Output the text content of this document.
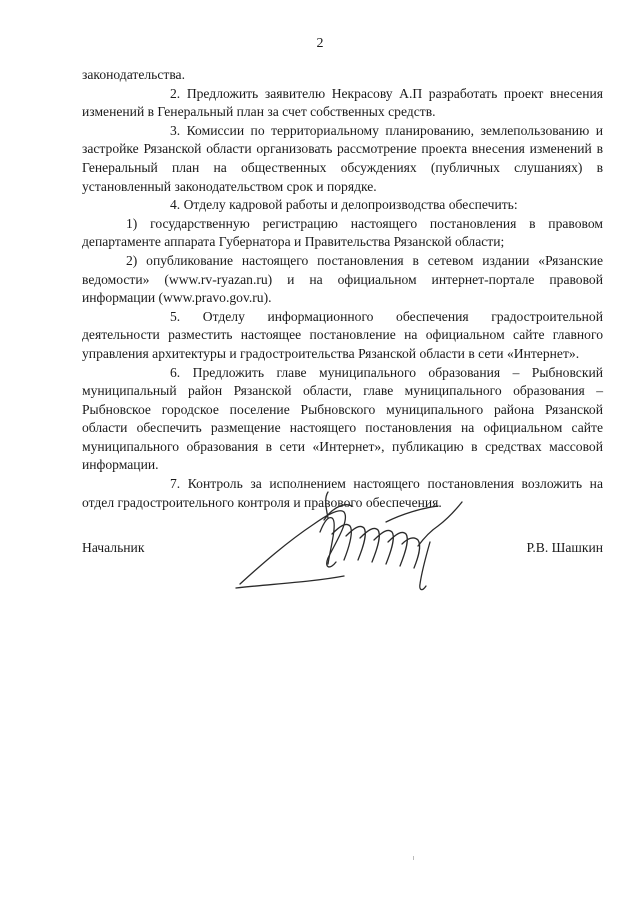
2

законодательства.

2. Предложить заявителю Некрасову А.П разработать проект внесения изменений в Генеральный план за счет собственных средств.

3. Комиссии по территориальному планированию, землепользованию и застройке Рязанской области организовать рассмотрение проекта внесения изменений в Генеральный план на общественных обсуждениях (публичных слушаниях) в установленный законодательством срок и порядке.

4. Отделу кадровой работы и делопроизводства обеспечить:

1) государственную регистрацию настоящего постановления в правовом департаменте аппарата Губернатора и Правительства Рязанской области;

2) опубликование настоящего постановления в сетевом издании «Рязанские ведомости» (www.rv-ryazan.ru) и на официальном интернет-портале правовой информации (www.pravo.gov.ru).

5. Отделу информационного обеспечения градостроительной деятельности разместить настоящее постановление на официальном сайте главного управления архитектуры и градостроительства Рязанской области в сети «Интернет».

6. Предложить главе муниципального образования – Рыбновский муниципальный район Рязанской области, главе муниципального образования – Рыбновское городское поселение Рыбновского муниципального района Рязанской области обеспечить размещение настоящего постановления на официальном сайте муниципального образования в сети «Интернет», публикацию в средствах массовой информации.

7. Контроль за исполнением настоящего постановления возложить на отдел градостроительного контроля и правового обеспечения.

Начальник	Р.В. Шашкин
